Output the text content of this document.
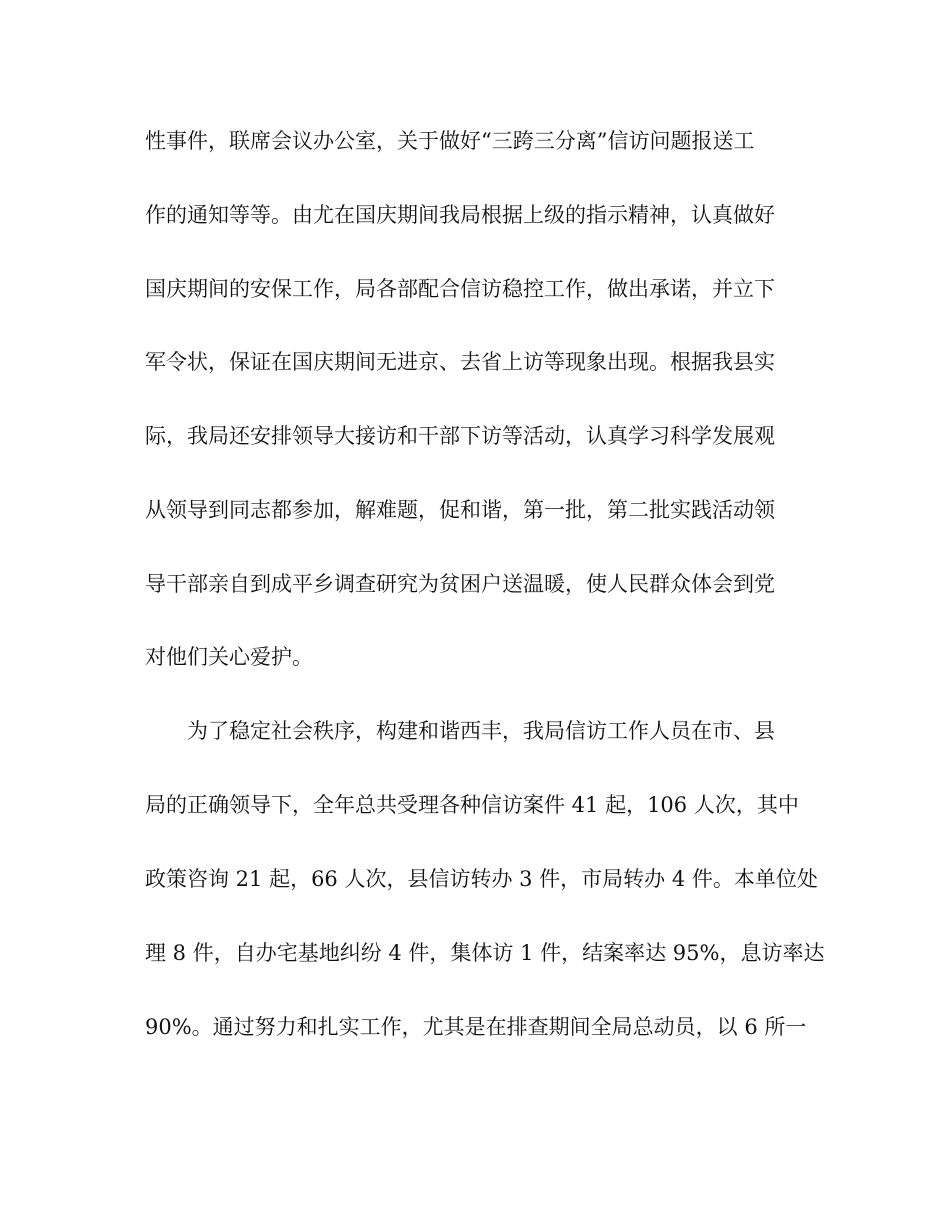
性事件，联席会议办公室，关于做好“三跨三分离”信访问题报送工
作的通知等等。由尤在国庆期间我局根据上级的指示精神，认真做好
国庆期间的安保工作，局各部配合信访稳控工作，做出承诺，并立下
军令状，保证在国庆期间无进京、去省上访等现象出现。根据我县实
际，我局还安排领导大接访和干部下访等活动，认真学习科学发展观
从领导到同志都参加，解难题，促和谐，第一批，第二批实践活动领
导干部亲自到成平乡调查研究为贫困户送温暖，使人民群众体会到党
对他们关心爱护。
为了稳定社会秩序，构建和谐西丰，我局信访工作人员在市、县
局的正确领导下，全年总共受理各种信访案件 41 起，106 人次，其中
政策咨询 21 起，66 人次，县信访转办 3 件，市局转办 4 件。本单位处
理 8 件，自办宅基地纠纷 4 件，集体访 1 件，结案率达 95%，息访率达
90%。通过努力和扎实工作，尤其是在排查期间全局总动员，以 6 所一
